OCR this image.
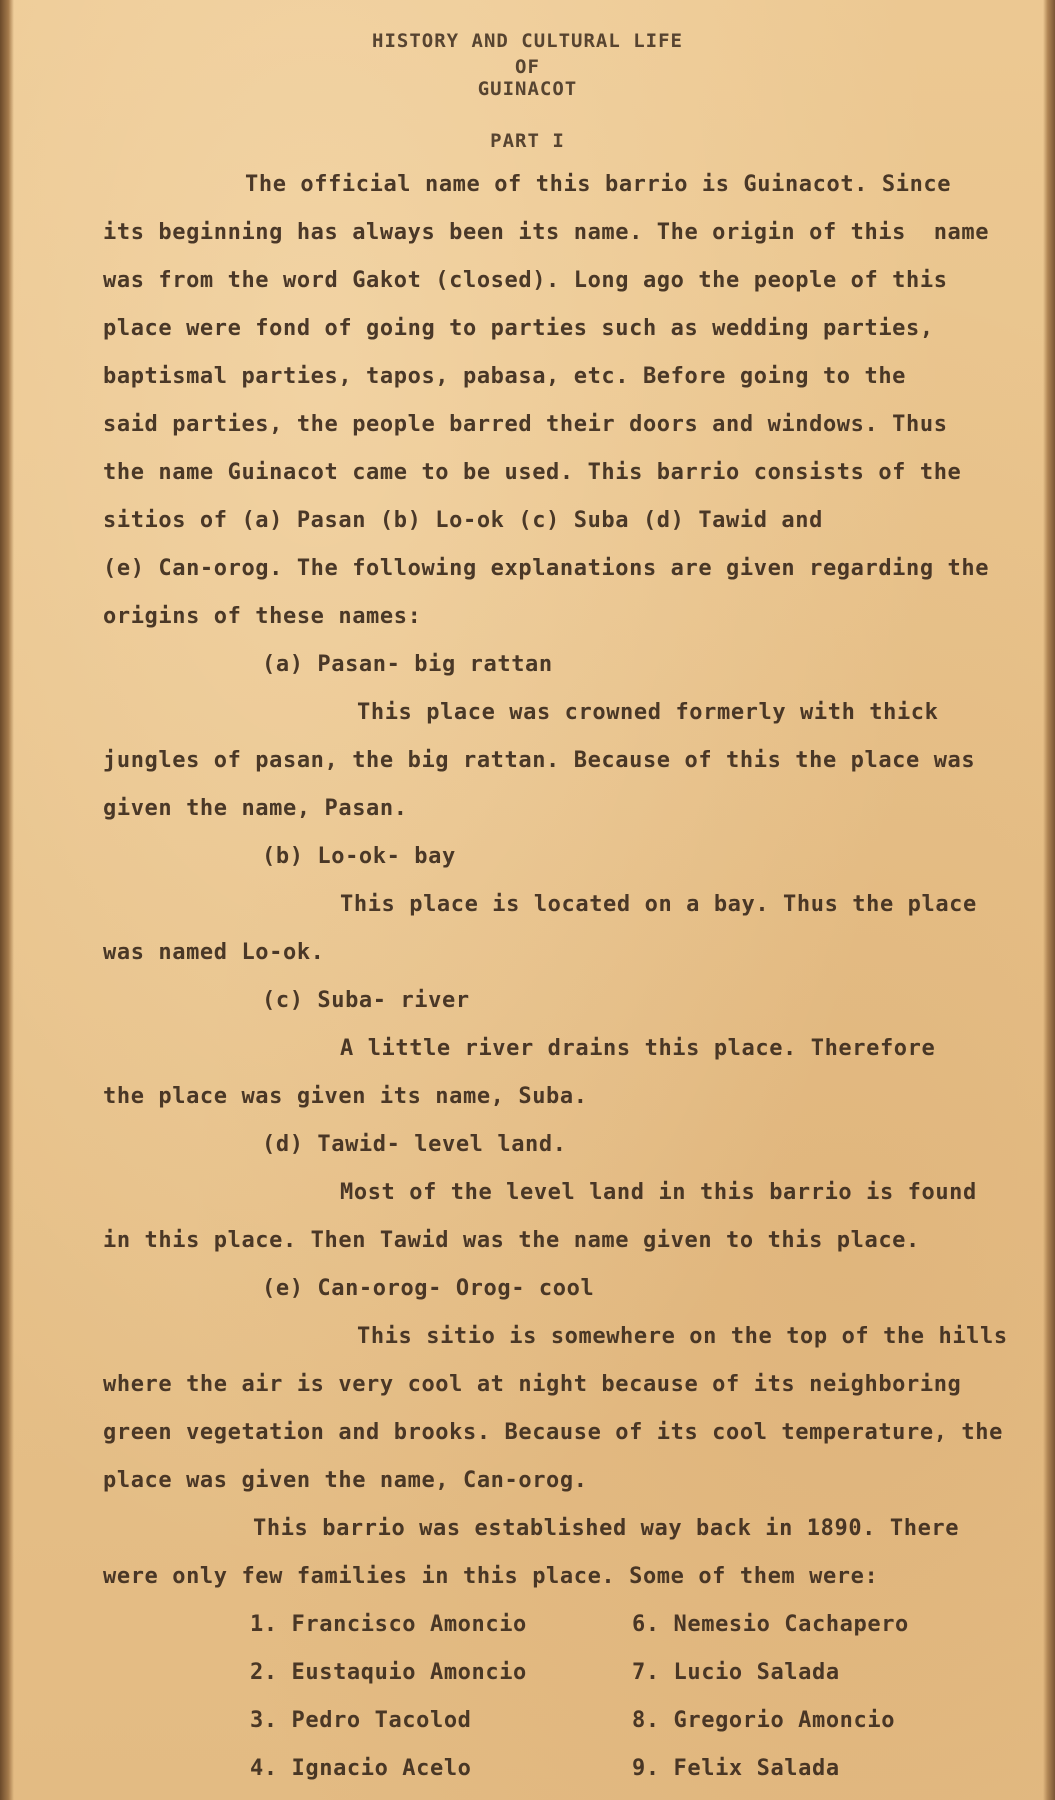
HISTORY AND CULTURAL LIFE
OF
GUINACOT
PART I
The official name of this barrio is Guinacot. Since
its beginning has always been its name. The origin of this  name
was from the word Gakot (closed). Long ago the people of this
place were fond of going to parties such as wedding parties,
baptismal parties, tapos, pabasa, etc. Before going to the
said parties, the people barred their doors and windows. Thus
the name Guinacot came to be used. This barrio consists of the
sitios of (a) Pasan (b) Lo-ok (c) Suba (d) Tawid and
(e) Can-orog. The following explanations are given regarding the
origins of these names:
(a) Pasan- big rattan
This place was crowned formerly with thick
jungles of pasan, the big rattan. Because of this the place was
given the name, Pasan.
(b) Lo-ok- bay
This place is located on a bay. Thus the place
was named Lo-ok.
(c) Suba- river
A little river drains this place. Therefore
the place was given its name, Suba.
(d) Tawid- level land.
Most of the level land in this barrio is found
in this place. Then Tawid was the name given to this place.
(e) Can-orog- Orog- cool
This sitio is somewhere on the top of the hills
where the air is very cool at night because of its neighboring
green vegetation and brooks. Because of its cool temperature, the
place was given the name, Can-orog.
This barrio was established way back in 1890. There
were only few families in this place. Some of them were:
1. Francisco Amoncio
2. Eustaquio Amoncio
3. Pedro Tacolod
4. Ignacio Acelo
6. Nemesio Cachapero
7. Lucio Salada
8. Gregorio Amoncio
9. Felix Salada
